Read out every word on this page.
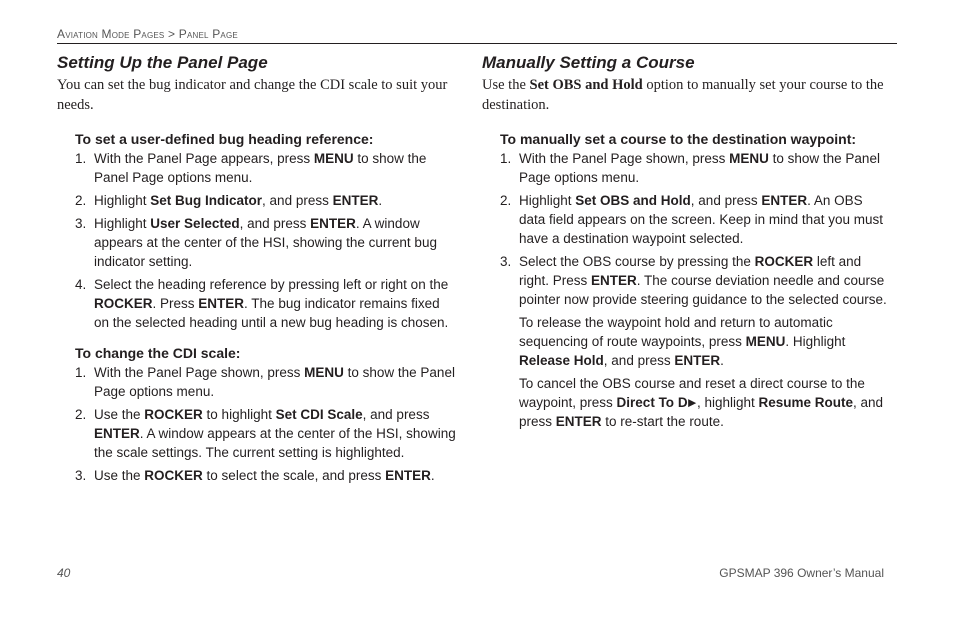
Aviation Mode Pages > Panel Page
Setting Up the Panel Page

You can set the bug indicator and change the CDI scale to suit your needs.

To set a user-defined bug heading reference:
1. With the Panel Page appears, press MENU to show the Panel Page options menu.
2. Highlight Set Bug Indicator, and press ENTER.
3. Highlight User Selected, and press ENTER. A window appears at the center of the HSI, showing the current bug indicator setting.
4. Select the heading reference by pressing left or right on the ROCKER. Press ENTER. The bug indicator remains fixed on the selected heading until a new bug heading is chosen.
To change the CDI scale:
1. With the Panel Page shown, press MENU to show the Panel Page options menu.
2. Use the ROCKER to highlight Set CDI Scale, and press ENTER. A window appears at the center of the HSI, showing the scale settings. The current setting is highlighted.
3. Use the ROCKER to select the scale, and press ENTER.
Manually Setting a Course

Use the Set OBS and Hold option to manually set your course to the destination.

To manually set a course to the destination waypoint:
1. With the Panel Page shown, press MENU to show the Panel Page options menu.
2. Highlight Set OBS and Hold, and press ENTER. An OBS data field appears on the screen. Keep in mind that you must have a destination waypoint selected.
3. Select the OBS course by pressing the ROCKER left and right. Press ENTER. The course deviation needle and course pointer now provide steering guidance to the selected course.

To release the waypoint hold and return to automatic sequencing of route waypoints, press MENU. Highlight Release Hold, and press ENTER.

To cancel the OBS course and reset a direct course to the waypoint, press Direct To D►, highlight Resume Route, and press ENTER to re-start the route.

40	GPSMAP 396 Owner’s Manual
